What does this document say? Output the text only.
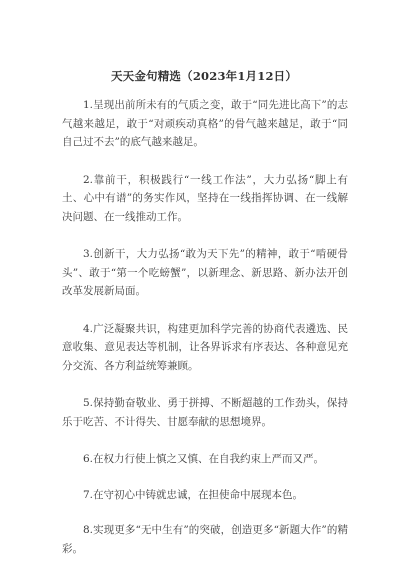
天天金句精选（2023年1月12日）
1.呈现出前所未有的气质之变，敢于“同先进比高下”的志气越来越足，敢于“对顽疾动真格”的骨气越来越足，敢于“同自己过不去”的底气越来越足。
2.靠前干，积极践行“一线工作法”，大力弘扬“脚上有土、心中有谱”的务实作风，坚持在一线指挥协调、在一线解决问题、在一线推动工作。
3.创新干，大力弘扬“敢为天下先”的精神，敢于“啃硬骨头”、敢于“第一个吃螃蟹”，以新理念、新思路、新办法开创改革发展新局面。
4.广泛凝聚共识，构建更加科学完善的协商代表遴选、民意收集、意见表达等机制，让各界诉求有序表达、各种意见充分交流、各方利益统筹兼顾。
5.保持勤奋敬业、勇于拼搏、不断超越的工作劲头，保持乐于吃苦、不计得失、甘愿奉献的思想境界。
6.在权力行使上慎之又慎、在自我约束上严而又严。
7.在守初心中铸就忠诚，在担使命中展现本色。
8.实现更多“无中生有”的突破，创造更多“新题大作”的精彩。
